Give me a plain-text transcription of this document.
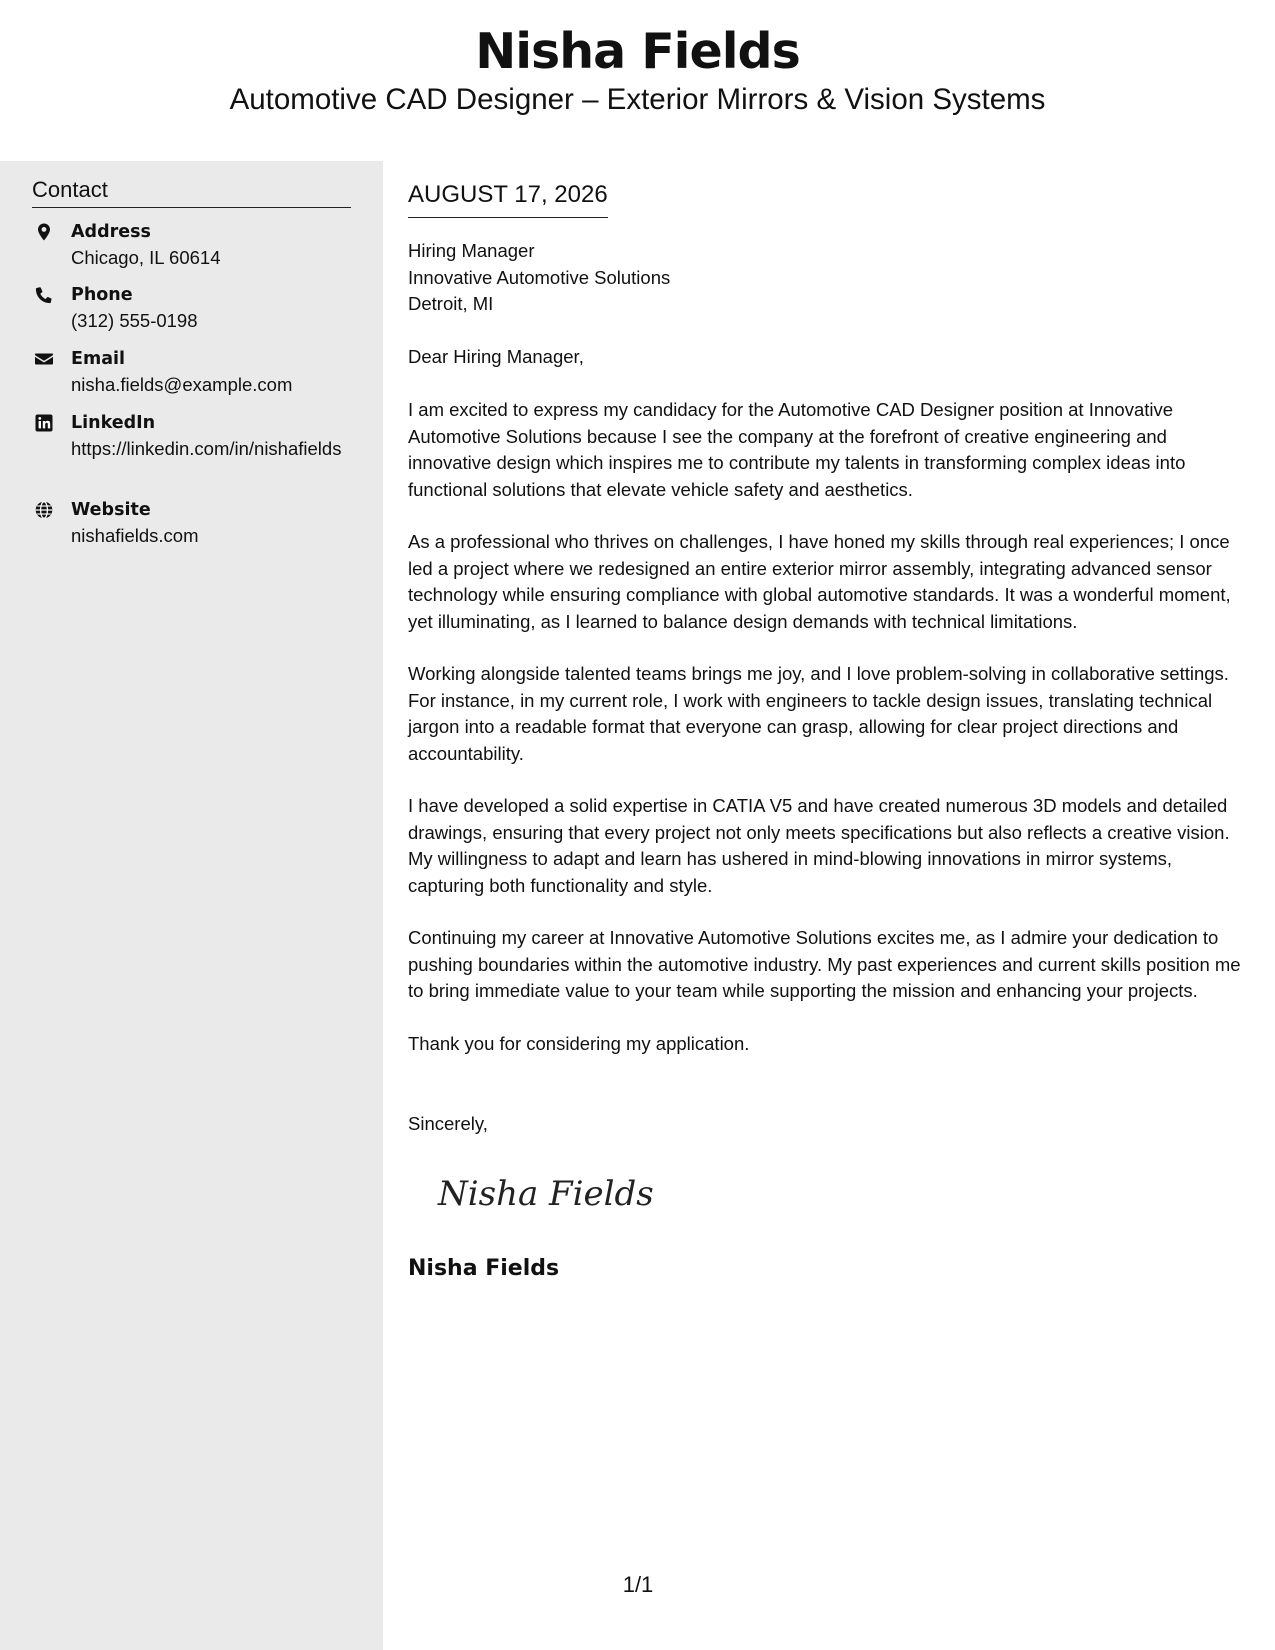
Nisha Fields
Automotive CAD Designer – Exterior Mirrors & Vision Systems
Contact
Address
Chicago, IL 60614
Phone
(312) 555-0198
Email
nisha.fields@example.com
LinkedIn
https://linkedin.com/in/nishafields
Website
nishafields.com
AUGUST 17, 2026
Hiring Manager
Innovative Automotive Solutions
Detroit, MI
Dear Hiring Manager,

I am excited to express my candidacy for the Automotive CAD Designer position at Innovative Automotive Solutions because I see the company at the forefront of creative engineering and innovative design which inspires me to contribute my talents in transforming complex ideas into functional solutions that elevate vehicle safety and aesthetics.

As a professional who thrives on challenges, I have honed my skills through real experiences; I once led a project where we redesigned an entire exterior mirror assembly, integrating advanced sensor technology while ensuring compliance with global automotive standards. It was a wonderful moment, yet illuminating, as I learned to balance design demands with technical limitations.

Working alongside talented teams brings me joy, and I love problem-solving in collaborative settings. For instance, in my current role, I work with engineers to tackle design issues, translating technical jargon into a readable format that everyone can grasp, allowing for clear project directions and accountability.

I have developed a solid expertise in CATIA V5 and have created numerous 3D models and detailed drawings, ensuring that every project not only meets specifications but also reflects a creative vision. My willingness to adapt and learn has ushered in mind-blowing innovations in mirror systems, capturing both functionality and style.

Continuing my career at Innovative Automotive Solutions excites me, as I admire your dedication to pushing boundaries within the automotive industry. My past experiences and current skills position me to bring immediate value to your team while supporting the mission and enhancing your projects.

Thank you for considering my application.

Sincerely,
Nisha Fields
Nisha Fields
1/1
